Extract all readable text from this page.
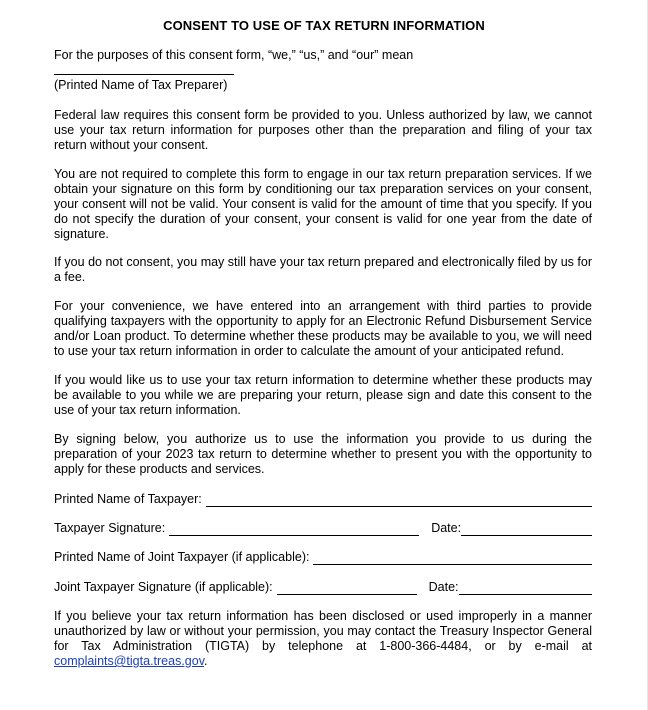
CONSENT TO USE OF TAX RETURN INFORMATION
For the purposes of this consent form, “we,” “us,” and “our” mean
(Printed Name of Tax Preparer)

Federal law requires this consent form be provided to you. Unless authorized by law, we cannot use your tax return information for purposes other than the preparation and filing of your tax return without your consent.

You are not required to complete this form to engage in our tax return preparation services. If we obtain your signature on this form by conditioning our tax preparation services on your consent, your consent will not be valid. Your consent is valid for the amount of time that you specify. If you do not specify the duration of your consent, your consent is valid for one year from the date of signature.

If you do not consent, you may still have your tax return prepared and electronically filed by us for a fee.

For your convenience, we have entered into an arrangement with third parties to provide qualifying taxpayers with the opportunity to apply for an Electronic Refund Disbursement Service and/or Loan product. To determine whether these products may be available to you, we will need to use your tax return information in order to calculate the amount of your anticipated refund.

If you would like us to use your tax return information to determine whether these products may be available to you while we are preparing your return, please sign and date this consent to the use of your tax return information.

By signing below, you authorize us to use the information you provide to us during the preparation of your 2023 tax return to determine whether to present you with the opportunity to apply for these products and services.

Printed Name of Taxpayer:
Taxpayer Signature:	Date:
Printed Name of Joint Taxpayer (if applicable):
Joint Taxpayer Signature (if applicable):	Date:

If you believe your tax return information has been disclosed or used improperly in a manner unauthorized by law or without your permission, you may contact the Treasury Inspector General for Tax Administration (TIGTA) by telephone at 1-800-366-4484, or by e-mail at complaints@tigta.treas.gov.
